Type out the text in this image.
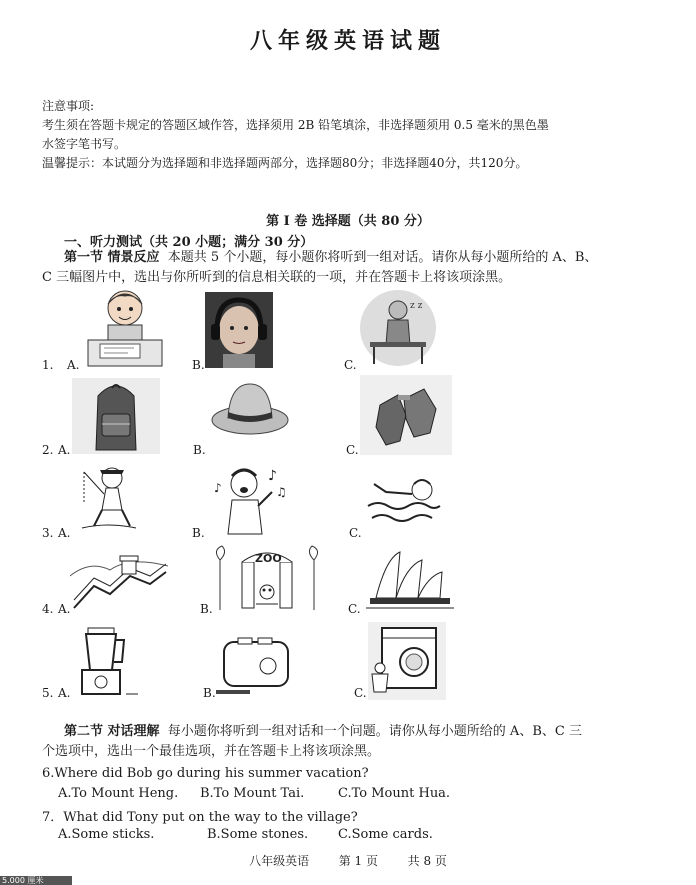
八年级英语试题
注意事项:
考生须在答题卡规定的答题区域作答，选择须用 2B 铅笔填涂，非选择题须用 0.5 毫米的黑色墨
水签字笔书写。
温馨提示：本试题分为选择题和非选择题两部分，选择题80分；非选择题40分，共120分。
第 I 卷 选择题（共 80 分）
一、听力测试（共 20 小题；满分 30 分）
第一节 情景反应 本题共 5 个小题，每小题你将听到一组对话。请你从每小题所给的 A、B、
C 三幅图片中，选出与你所听到的信息相关联的一项，并在答题卡上将该项涂黑。
1. A.	B.	C.
z z
2. A.	B.	C.
3. A.	B.
♪
♫
♪
C.
4. A.	B.
ZOO
C.
5. A.	B.	C.
第二节 对话理解 每小题你将听到一组对话和一个问题。请你从每小题所给的 A、B、C 三
个选项中，选出一个最佳选项，并在答题卡上将该项涂黑。
6.Where did Bob go during his summer vacation?
A.To Mount Heng. B.To Mount Tai.	C.To Mount Hua.
7．What did Tony put on the way to the village?
A.Some sticks.	B.Some stones. C.Some cards.
八年级英语 第 1 页 共 8 页
5.000 厘米
